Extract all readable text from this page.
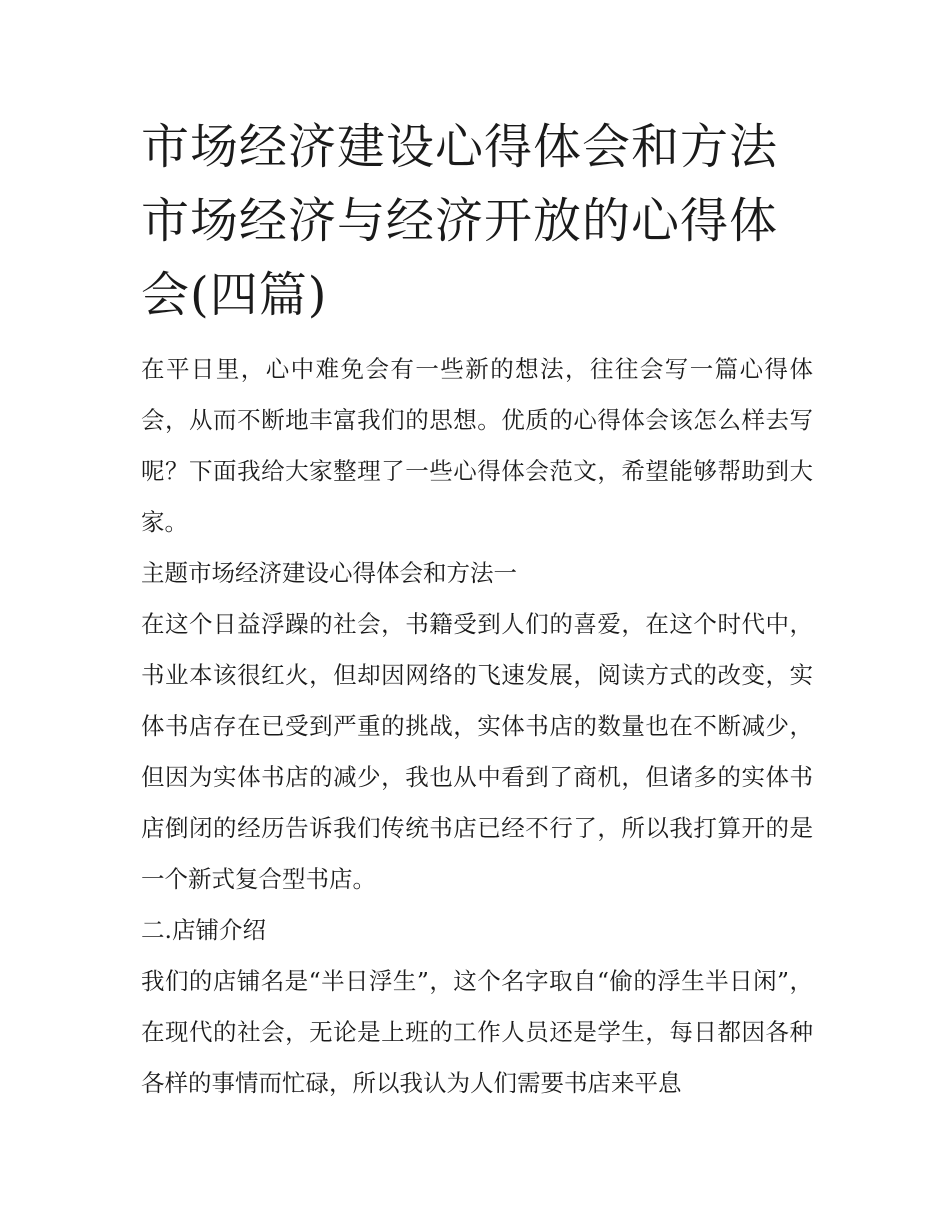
市场经济建设心得体会和方法 市场经济与经济开放的心得体会(四篇)

在平日里，心中难免会有一些新的想法，往往会写一篇心得体会，从而不断地丰富我们的思想。优质的心得体会该怎么样去写呢？下面我给大家整理了一些心得体会范文，希望能够帮助到大家。

主题市场经济建设心得体会和方法一

在这个日益浮躁的社会，书籍受到人们的喜爱，在这个时代中，书业本该很红火，但却因网络的飞速发展，阅读方式的改变，实体书店存在已受到严重的挑战，实体书店的数量也在不断减少，但因为实体书店的减少，我也从中看到了商机，但诸多的实体书店倒闭的经历告诉我们传统书店已经不行了，所以我打算开的是一个新式复合型书店。

二.店铺介绍

我们的店铺名是“半日浮生”，这个名字取自“偷的浮生半日闲”，在现代的社会，无论是上班的工作人员还是学生，每日都因各种各样的事情而忙碌，所以我认为人们需要书店来平息
